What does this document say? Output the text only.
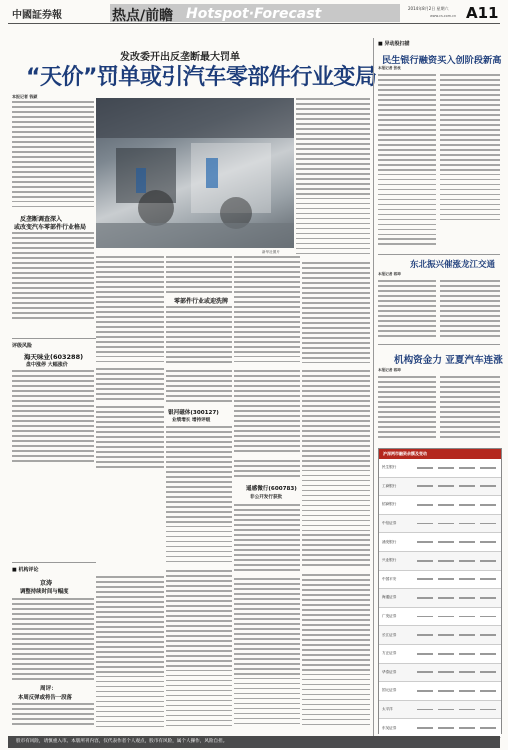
中國証券報	热点/前瞻 Hotspot·Forecast	2014年8月2日 星期六 A11
www.cs.com.cn
发改委开出反垄断最大罚单
“天价”罚单或引汽车零部件行业变局
本报记者 钱颖
反垄断调查深入
或改变汽车零部件行业格局
新华社图片
零部件行业或迎洗牌
评级风险
海天味业(603288)
盘中涨停 大幅涨价
银河磁体(300127)
业绩增长 增持评级
遥感微行(600783)
非公开发行获批
■ 机构评论
京涛
调整持续时间与幅度
周评：
本周反弹或将告一段落
■ 异动股扫描
民生银行融资买入创阶段新高
本报记者 张枕
东北振兴催涨龙江交通
本报记者 蒋坤
机构资金力 亚夏汽车连涨
本报记者 蒋坤
沪深两市融资余额及变动
民生银行
工商银行
招商银行
中信证券
浦发银行
兴业银行
中国平安
海通证券
广发证券
长江证券
方正证券
华泰证券
国元证券
太平洋
东吴证券
股市有风险，请慎重入市。本版所刊内容，仅代表作者个人观点，股市有风险，属个人操作，风险自担。
